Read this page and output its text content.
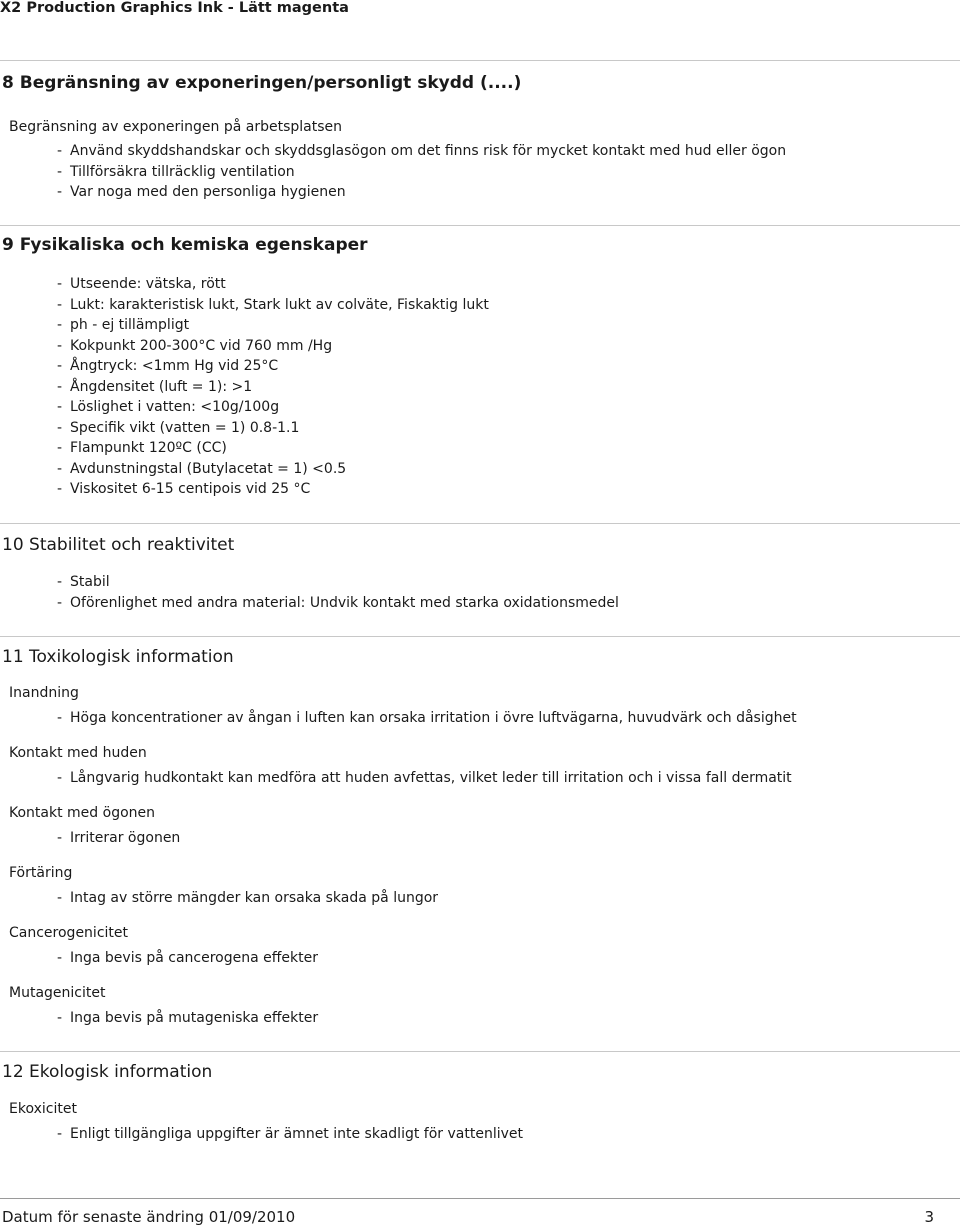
X2 Production Graphics Ink - Lätt magenta
8 Begränsning av exponeringen/personligt skydd (....)
Begränsning av exponeringen på arbetsplatsen
- Använd skyddshandskar och skyddsglasögon om det finns risk för mycket kontakt med hud eller ögon
- Tillförsäkra tillräcklig ventilation
- Var noga med den personliga hygienen
9 Fysikaliska och kemiska egenskaper
- Utseende: vätska, rött
- Lukt: karakteristisk lukt, Stark lukt av colväte, Fiskaktig lukt
- ph - ej tillämpligt
- Kokpunkt 200-300°C vid 760 mm /Hg
- Ångtryck: <1mm Hg vid 25°C
- Ångdensitet (luft = 1): >1
- Löslighet i vatten: <10g/100g
- Specifik vikt (vatten = 1) 0.8-1.1
- Flampunkt 120ºC (CC)
- Avdunstningstal (Butylacetat = 1) <0.5
- Viskositet 6-15 centipois vid 25 °C
10 Stabilitet och reaktivitet
- Stabil
- Oförenlighet med andra material: Undvik kontakt med starka oxidationsmedel
11 Toxikologisk information
Inandning
- Höga koncentrationer av ångan i luften kan orsaka irritation i övre luftvägarna, huvudvärk och dåsighet
Kontakt med huden
- Långvarig hudkontakt kan medföra att huden avfettas, vilket leder till irritation och i vissa fall dermatit
Kontakt med ögonen
- Irriterar ögonen
Förtäring
- Intag av större mängder kan orsaka skada på lungor
Cancerogenicitet
- Inga bevis på cancerogena effekter
Mutagenicitet
- Inga bevis på mutageniska effekter
12 Ekologisk information
Ekoxicitet
- Enligt tillgängliga uppgifter är ämnet inte skadligt för vattenlivet
Datum för senaste ändring 01/09/2010	3
